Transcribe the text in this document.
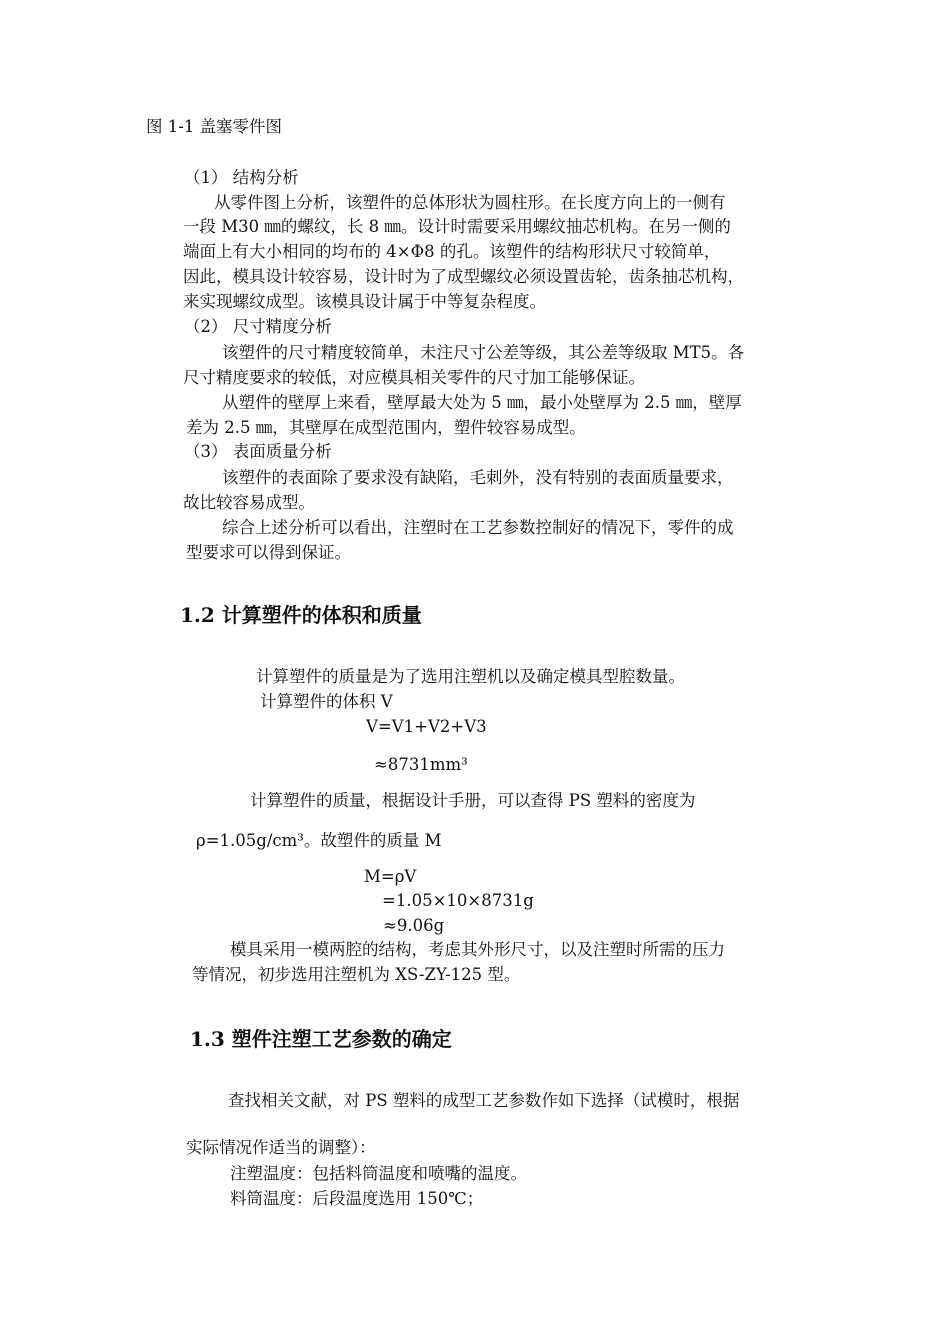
图 1-1 盖塞零件图
（1） 结构分析
从零件图上分析，该塑件的总体形状为圆柱形。在长度方向上的一侧有
一段 M30 ㎜的螺纹，长 8 ㎜。设计时需要采用螺纹抽芯机构。在另一侧的
端面上有大小相同的均布的 4×Φ8 的孔。该塑件的结构形状尺寸较简单，
因此，模具设计较容易，设计时为了成型螺纹必须设置齿轮，齿条抽芯机构，
来实现螺纹成型。该模具设计属于中等复杂程度。
（2） 尺寸精度分析
该塑件的尺寸精度较简单，未注尺寸公差等级，其公差等级取 MT5。各
尺寸精度要求的较低，对应模具相关零件的尺寸加工能够保证。
从塑件的壁厚上来看，壁厚最大处为 5 ㎜，最小处壁厚为 2.5 ㎜，壁厚
差为 2.5 ㎜，其壁厚在成型范围内，塑件较容易成型。
（3） 表面质量分析
该塑件的表面除了要求没有缺陷，毛刺外，没有特别的表面质量要求，
故比较容易成型。
综合上述分析可以看出，注塑时在工艺参数控制好的情况下，零件的成
型要求可以得到保证。
1.2 计算塑件的体积和质量
计算塑件的质量是为了选用注塑机以及确定模具型腔数量。
计算塑件的体积 V
V=V1+V2+V3
≈8731mm³
计算塑件的质量，根据设计手册，可以查得 PS 塑料的密度为
ρ=1.05g/cm³。故塑件的质量 M
M=ρV
=1.05×10×8731g
≈9.06g
模具采用一模两腔的结构，考虑其外形尺寸，以及注塑时所需的压力
等情况，初步选用注塑机为 XS-ZY-125 型。
1.3 塑件注塑工艺参数的确定
查找相关文献，对 PS 塑料的成型工艺参数作如下选择（试模时，根据
实际情况作适当的调整）：
注塑温度：包括料筒温度和喷嘴的温度。
料筒温度：后段温度选用 150℃；
